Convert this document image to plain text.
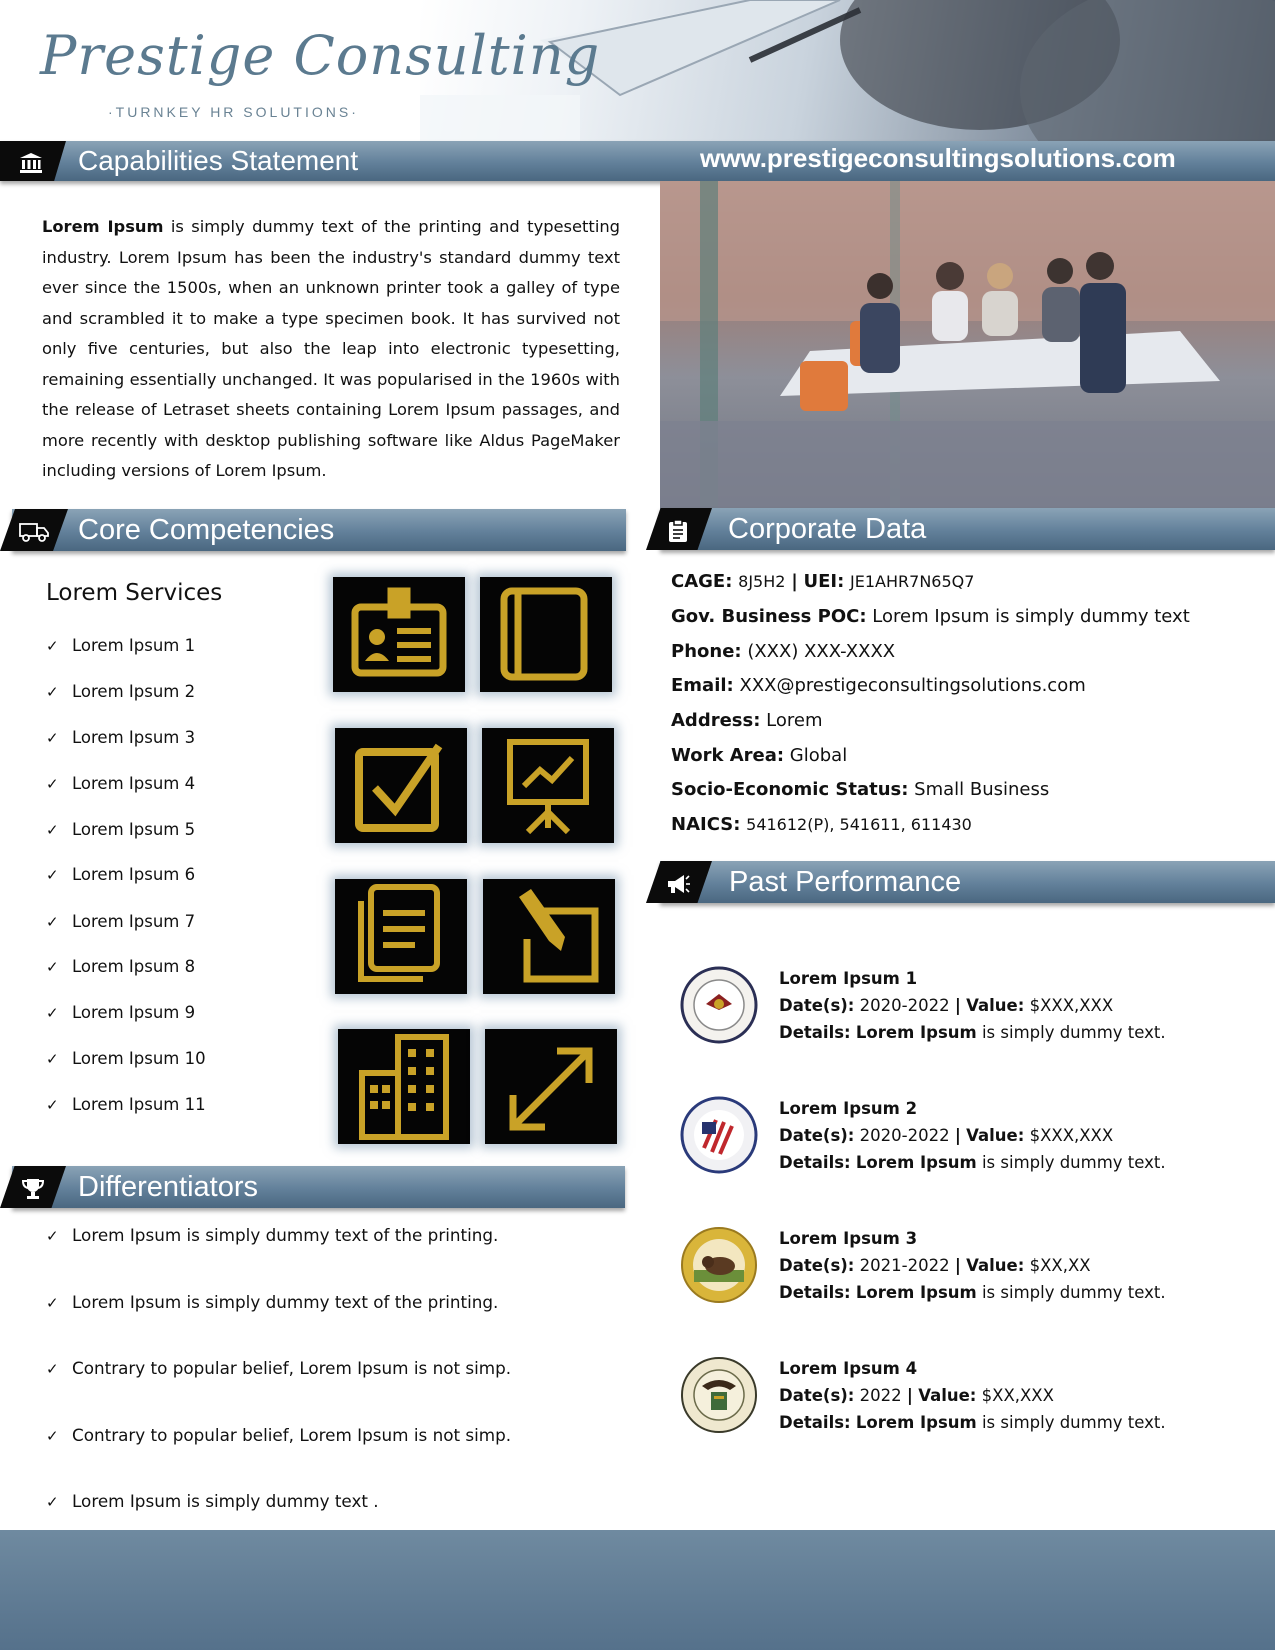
Prestige Consulting
·TURNKEY HR SOLUTIONS·
Capabilities Statement	www.prestigeconsultingsolutions.com
Lorem Ipsum is simply dummy text of the printing and typesetting industry. Lorem Ipsum has been the industry's standard dummy text ever since the 1500s, when an unknown printer took a galley of type and scrambled it to make a type specimen book. It has survived not only five centuries, but also the leap into electronic typesetting, remaining essentially unchanged. It was popularised in the 1960s with the release of Letraset sheets containing Lorem Ipsum passages, and more recently with desktop publishing software like Aldus PageMaker including versions of Lorem Ipsum.
Core Competencies
Lorem Services
✓ Lorem Ipsum 1
✓ Lorem Ipsum 2
✓ Lorem Ipsum 3
✓ Lorem Ipsum 4
✓ Lorem Ipsum 5
✓ Lorem Ipsum 6
✓ Lorem Ipsum 7
✓ Lorem Ipsum 8
✓ Lorem Ipsum 9
✓ Lorem Ipsum 10
✓ Lorem Ipsum 11
Corporate Data
CAGE: 8J5H2 | UEI: JE1AHR7N65Q7
Gov. Business POC: Lorem Ipsum is simply dummy text
Phone: (XXX) XXX-XXXX
Email: XXX@prestigeconsultingsolutions.com
Address: Lorem
Work Area: Global
Socio-Economic Status: Small Business
NAICS: 541612(P), 541611, 611430
Past Performance
Lorem Ipsum 1
Date(s): 2020-2022 | Value: $XXX,XXX
Details: Lorem Ipsum is simply dummy text.
Lorem Ipsum 2
Date(s): 2020-2022 | Value: $XXX,XXX
Details: Lorem Ipsum is simply dummy text.
Lorem Ipsum 3
Date(s): 2021-2022 | Value: $XX,XX
Details: Lorem Ipsum is simply dummy text.
Lorem Ipsum 4
Date(s): 2022 | Value: $XX,XXX
Details: Lorem Ipsum is simply dummy text.
Differentiators
✓ Lorem Ipsum is simply dummy text of the printing.
✓ Lorem Ipsum is simply dummy text of the printing.
✓ Contrary to popular belief, Lorem Ipsum is not simp.
✓ Contrary to popular belief, Lorem Ipsum is not simp.
✓ Lorem Ipsum is simply dummy text .
